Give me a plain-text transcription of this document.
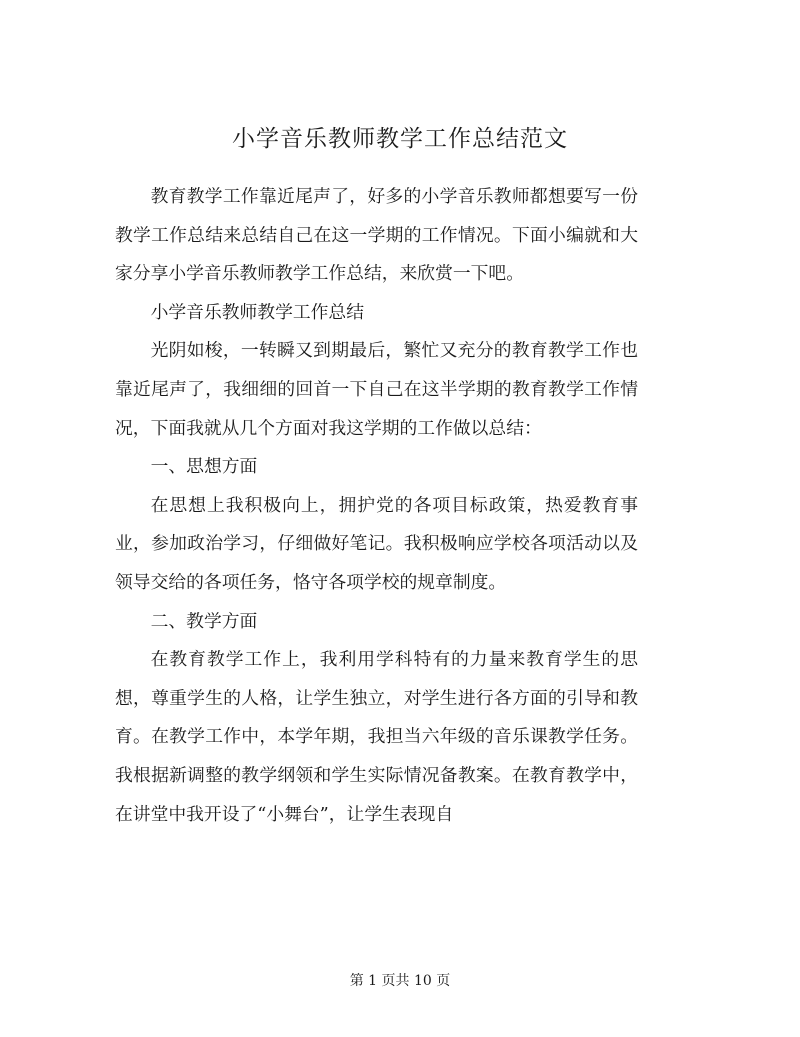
小学音乐教师教学工作总结范文

教育教学工作靠近尾声了，好多的小学音乐教师都想要写一份教学工作总结来总结自己在这一学期的工作情况。下面小编就和大家分享小学音乐教师教学工作总结，来欣赏一下吧。

小学音乐教师教学工作总结

光阴如梭，一转瞬又到期最后，繁忙又充分的教育教学工作也靠近尾声了，我细细的回首一下自己在这半学期的教育教学工作情况，下面我就从几个方面对我这学期的工作做以总结：

一、思想方面

在思想上我积极向上，拥护党的各项目标政策，热爱教育事业，参加政治学习，仔细做好笔记。我积极响应学校各项活动以及领导交给的各项任务，恪守各项学校的规章制度。

二、教学方面

在教育教学工作上，我利用学科特有的力量来教育学生的思想，尊重学生的人格，让学生独立，对学生进行各方面的引导和教育。在教学工作中，本学年期，我担当六年级的音乐课教学任务。我根据新调整的教学纲领和学生实际情况备教案。在教育教学中，在讲堂中我开设了“小舞台”，让学生表现自

第 1 页共 10 页
